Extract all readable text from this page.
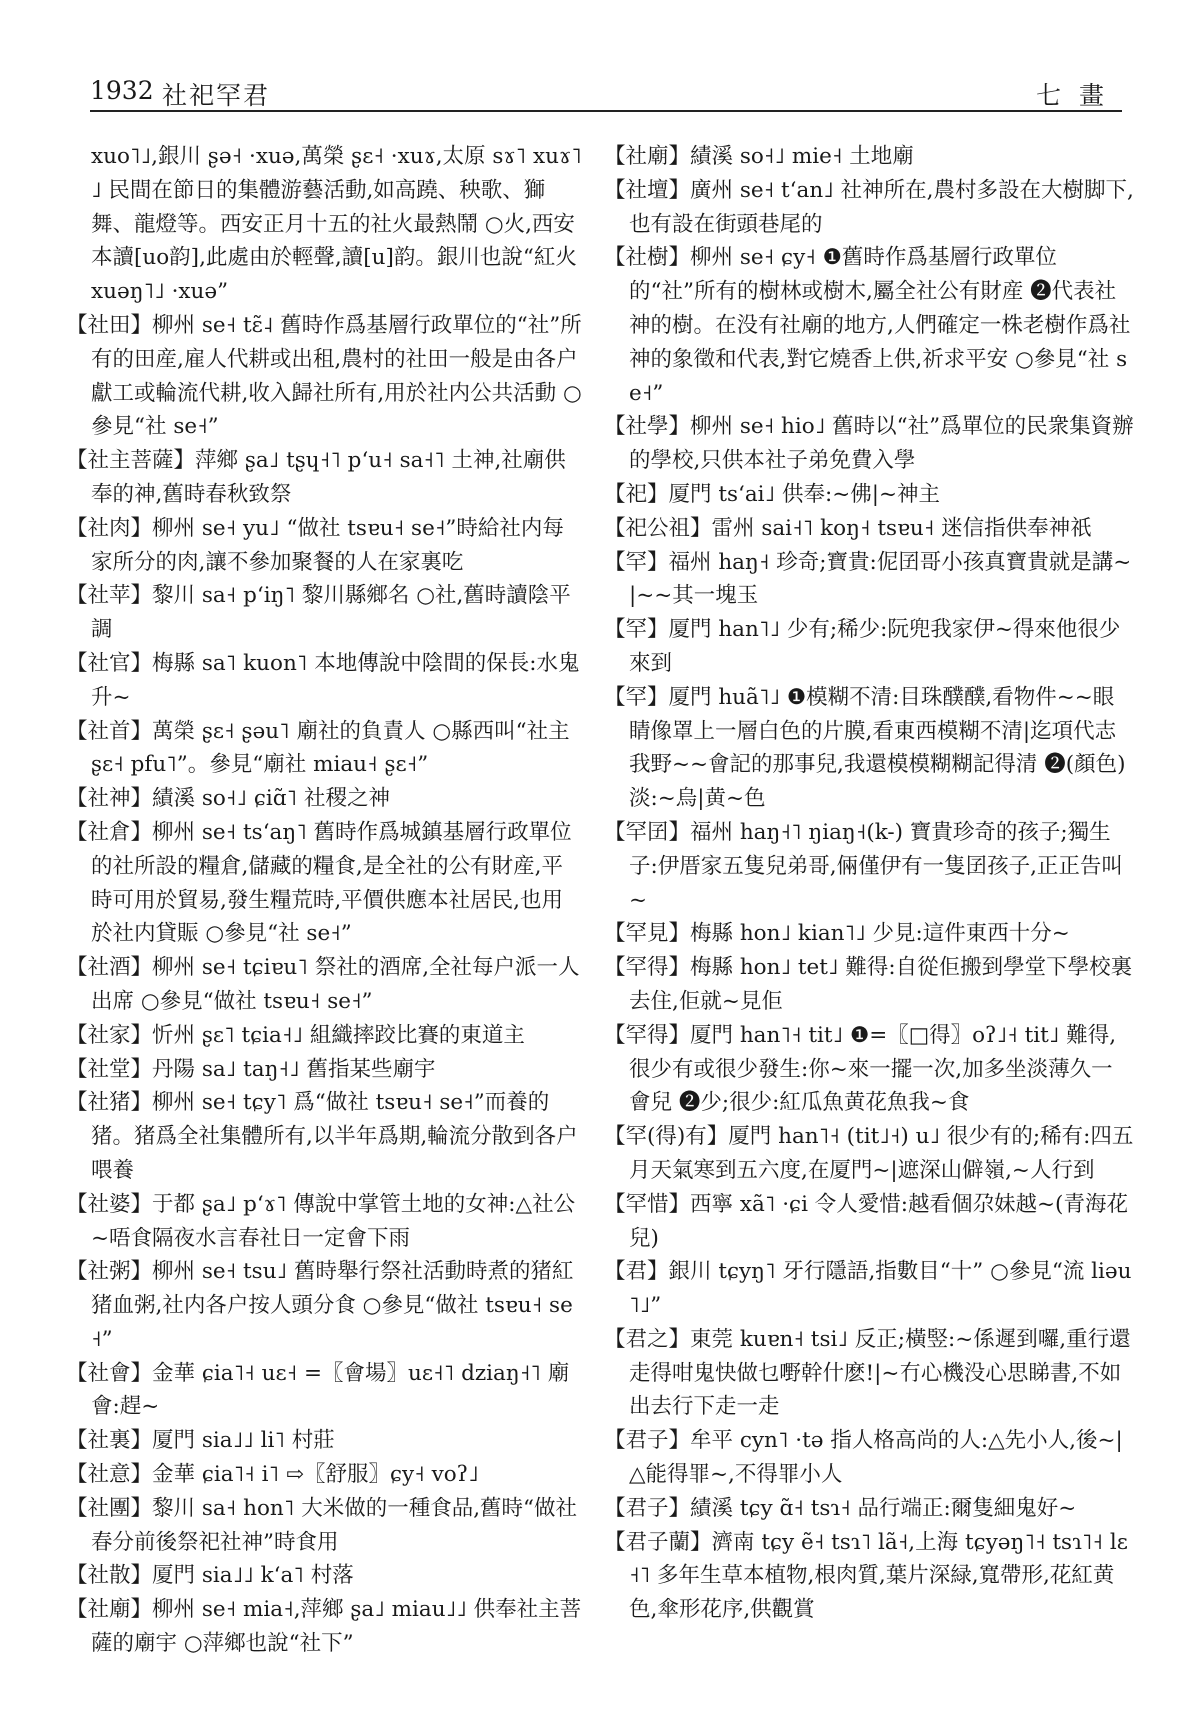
1932 社祀罕君	七畫

xuo˥˩,銀川 ʂə˧ ·xuə,萬榮 ʂɛ˧ ·xuɤ,太原 sɤ˥ xuɤ˥˩ 民間在節日的集體游藝活動,如高蹺、秧歌、獅舞、龍燈等。西安正月十五的社火最熱鬧 ○火,西安本讀[uo韵],此處由於輕聲,讀[u]韵。銀川也說“紅火 xuəŋ˥˩ ·xuə”

【社田】柳州 se˧ tɛ̃˨ 舊時作爲基層行政單位的“社”所有的田産,雇人代耕或出租,農村的社田一般是由各户獻工或輪流代耕,收入歸社所有,用於社内公共活動 ○參見“社 se˧”

【社主菩薩】萍鄉 ʂa˩ tʂɥ˧˥ pʻu˧ sa˧˥ 土神,社廟供奉的神,舊時春秋致祭

【社肉】柳州 se˧ yu˩ “做社 tsɐu˧ se˧”時給社内每家所分的肉,讓不參加聚餐的人在家裏吃

【社苹】黎川 sa˧ pʻiŋ˥ 黎川縣鄉名 ○社,舊時讀陰平調

【社官】梅縣 sa˥ kuon˥ 本地傳說中陰間的保長:水鬼升~

【社首】萬榮 ʂɛ˧ ʂəu˥ 廟社的負責人 ○縣西叫“社主 ʂɛ˧ pfu˥”。參見“廟社 miau˧ ʂɛ˧”

【社神】績溪 so˧˩ ɕiɑ̃˥ 社稷之神

【社倉】柳州 se˧ tsʻaŋ˥ 舊時作爲城鎮基層行政單位的社所設的糧倉,儲藏的糧食,是全社的公有財産,平時可用於貿易,發生糧荒時,平價供應本社居民,也用於社内貸賑 ○參見“社 se˧”

【社酒】柳州 se˧ tɕiɐu˥ 祭社的酒席,全社每户派一人出席 ○參見“做社 tsɐu˧ se˧”

【社家】忻州 ʂɛ˥ tɕia˧˩ 組織摔跤比賽的東道主

【社堂】丹陽 sa˩ taŋ˧˩ 舊指某些廟宇

【社猪】柳州 se˧ tɕy˥ 爲“做社 tsɐu˧ se˧”而養的猪。猪爲全社集體所有,以半年爲期,輪流分散到各户喂養

【社婆】于都 ʂa˩ pʻɤ˥ 傳說中掌管土地的女神:△社公~唔食隔夜水言春社日一定會下雨

【社粥】柳州 se˧ tsu˩ 舊時舉行祭社活動時煮的猪紅猪血粥,社内各户按人頭分食 ○參見“做社 tsɐu˧ se˧”

【社會】金華 ɕia˥˧ uɛ˧ =〖會場〗uɛ˧˥ dziaŋ˧˥ 廟會:趕~

【社裏】厦門 sia˩˩ li˥ 村莊

【社意】金華 ɕia˥˧ i˥ ⇨〖舒服〗ɕy˧ voʔ˩

【社團】黎川 sa˧ hon˥ 大米做的一種食品,舊時“做社春分前後祭祀社神”時食用

【社散】厦門 sia˩˩ kʻa˥ 村落

【社廟】柳州 se˧ mia˧,萍鄉 ʂa˩ miau˩˩ 供奉社主菩薩的廟宇 ○萍鄉也說“社下”

【社廟】績溪 so˧˩ mie˧ 土地廟

【社壇】廣州 se˧ tʻan˩ 社神所在,農村多設在大樹脚下,也有設在街頭巷尾的

【社樹】柳州 se˧ ɕy˧ ❶舊時作爲基層行政單位的“社”所有的樹林或樹木,屬全社公有財産 ❷代表社神的樹。在没有社廟的地方,人們確定一株老樹作爲社神的象徵和代表,對它燒香上供,祈求平安 ○參見“社 se˧”

【社學】柳州 se˧ hio˩ 舊時以“社”爲單位的民衆集資辦的學校,只供本社子弟免費入學

【祀】厦門 tsʻai˩ 供奉:~佛|~神主

【祀公祖】雷州 sai˧˥ koŋ˧ tsɐu˧ 迷信指供奉神祇

【罕】福州 haŋ˧ 珍奇;寶貴:伲囝哥小孩真寶貴就是講~|~~其一塊玉

【罕】厦門 han˥˩ 少有;稀少:阮兜我家伊~得來他很少來到

【罕】厦門 huã˥˩ ❶模糊不清:目珠醭醭,看物件~~眼睛像罩上一層白色的片膜,看東西模糊不清|迄項代志我野~~會記的那事兒,我還模模糊糊記得清 ❷(顏色)淡:~烏|黄~色

【罕囝】福州 haŋ˧˥ ŋiaŋ˧(k-) 寶貴珍奇的孩子;獨生子:伊厝家五隻兒弟哥,倆僅伊有一隻囝孩子,正正告叫~

【罕見】梅縣 hon˩ kian˥˩ 少見:這件東西十分~

【罕得】梅縣 hon˩ tet˩ 難得:自從佢搬到學堂下學校裏去住,佢就~見佢

【罕得】厦門 han˥˧ tit˩ ❶=〖□得〗oʔ˩˧ tit˩ 難得,很少有或很少發生:你~來一擺一次,加多坐淡薄久一會兒 ❷少;很少:紅瓜魚黄花魚我~食

【罕(得)有】厦門 han˥˧ (tit˩˧) u˩ 很少有的;稀有:四五月天氣寒到五六度,在厦門~|遮深山僻嶺,~人行到

【罕惜】西寧 xã˥ ·ɕi 令人愛惜:越看個尕妹越~(青海花兒)

【君】銀川 tɕyŋ˥ 牙行隱語,指數目“十” ○參見“流 liəu˥˩”

【君之】東莞 kuɐn˧ tsi˩ 反正;橫竪:~係遲到囉,重行還走得咁鬼快做乜嘢幹什麽!|~冇心機没心思睇書,不如出去行下走一走

【君子】牟平 cyn˥ ·tə 指人格高尚的人:△先小人,後~|△能得罪~,不得罪小人

【君子】績溪 tɕy ɑ̃˧ tsɿ˧ 品行端正:爾隻細鬼好~

【君子蘭】濟南 tɕy ẽ˧ tsɿ˥ lã˧,上海 tɕyəŋ˥˧ tsɿ˥˧ lɛ˧˥ 多年生草本植物,根肉質,葉片深緑,寬帶形,花紅黄色,傘形花序,供觀賞
